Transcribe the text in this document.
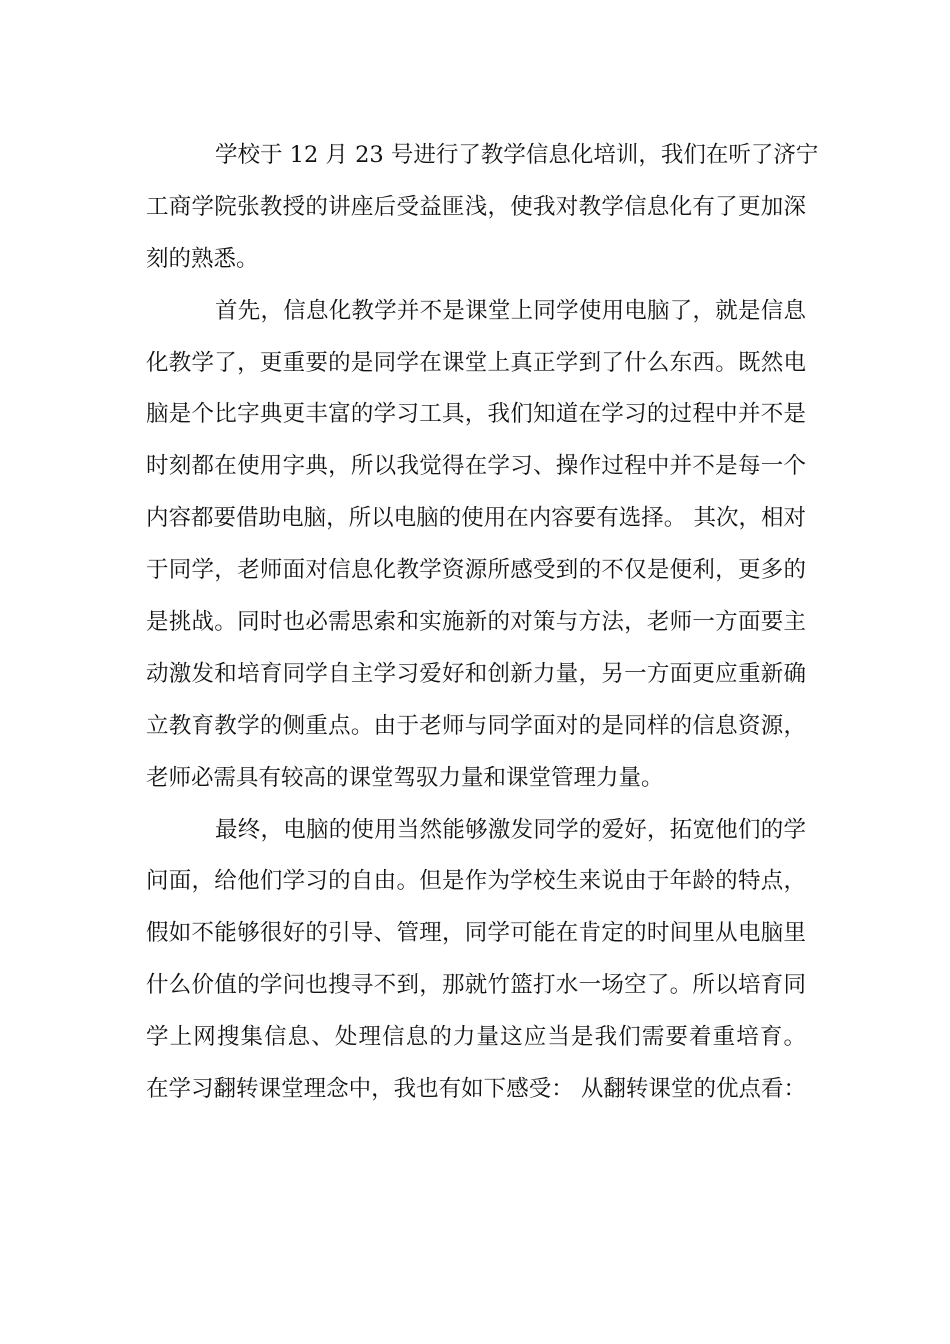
学校于 12 月 23 号进行了教学信息化培训，我们在听了济宁
工商学院张教授的讲座后受益匪浅，使我对教学信息化有了更加深
刻的熟悉。
首先，信息化教学并不是课堂上同学使用电脑了，就是信息
化教学了，更重要的是同学在课堂上真正学到了什么东西。既然电
脑是个比字典更丰富的学习工具，我们知道在学习的过程中并不是
时刻都在使用字典，所以我觉得在学习、操作过程中并不是每一个
内容都要借助电脑，所以电脑的使用在内容要有选择。 其次，相对
于同学，老师面对信息化教学资源所感受到的不仅是便利，更多的
是挑战。同时也必需思索和实施新的对策与方法，老师一方面要主
动激发和培育同学自主学习爱好和创新力量，另一方面更应重新确
立教育教学的侧重点。由于老师与同学面对的是同样的信息资源，
老师必需具有较高的课堂驾驭力量和课堂管理力量。
最终，电脑的使用当然能够激发同学的爱好，拓宽他们的学
问面，给他们学习的自由。但是作为学校生来说由于年龄的特点，
假如不能够很好的引导、管理，同学可能在肯定的时间里从电脑里
什么价值的学问也搜寻不到，那就竹篮打水一场空了。所以培育同
学上网搜集信息、处理信息的力量这应当是我们需要着重培育。
在学习翻转课堂理念中，我也有如下感受： 从翻转课堂的优点看：
